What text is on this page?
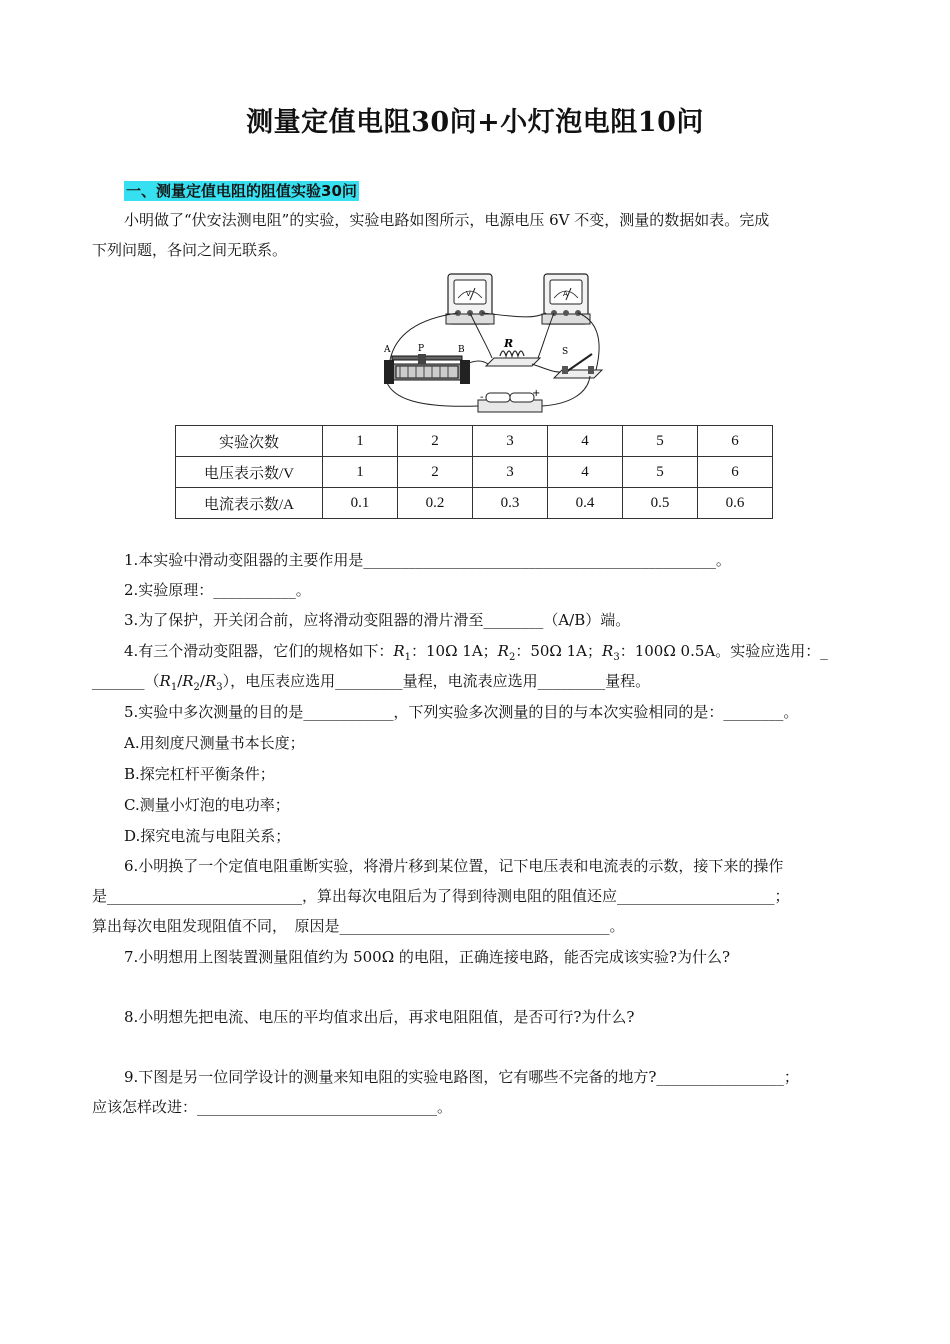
测量定值电阻30问+小灯泡电阻10问
一、测量定值电阻的阻值实验30问
小明做了“伏安法测电阻”的实验，实验电路如图所示，电源电压 6V 不变，测量的数据如表。完成
下列问题，各问之间无联系。
V	A
A	P	B	R
S
-	+
实验次数	1	2	3	4	5	6
电压表示数/V	1	2	3	4	5	6
电流表示数/A	0.1	0.2	0.3	0.4	0.5	0.6
1.本实验中滑动变阻器的主要作用是_______________________________________________。
2.实验原理：___________。
3.为了保护，开关闭合前，应将滑动变阻器的滑片滑至________（A/B）端。
4.有三个滑动变阻器，它们的规格如下：$R_1$：10Ω 1A；$R_2$：50Ω 1A；$R_3$：100Ω 0.5A。实验应选用：_
$\_\_\_\_\_\_\_(R_1/R_2/R_3)$，电压表应选用_________量程，电流表应选用_________量程。
5.实验中多次测量的目的是____________，下列实验多次测量的目的与本次实验相同的是：________。
A.用刻度尺测量书本长度；
B.探完杠杆平衡条件；
C.测量小灯泡的电功率；
D.探究电流与电阻关系；
6.小明换了一个定值电阻重断实验，将滑片移到某位置，记下电压表和电流表的示数，接下来的操作
是__________________________，算出每次电阻后为了得到待测电阻的阻值还应_____________________；
算出每次电阻发现阻值不同，　原因是____________________________________。
7.小明想用上图装置测量阻值约为 500Ω 的电阻，正确连接电路，能否完成该实验?为什么?
8.小明想先把电流、电压的平均值求出后，再求电阻阻值，是否可行?为什么?
9.下图是另一位同学设计的测量来知电阻的实验电路图，它有哪些不完备的地方?_________________；
应该怎样改进：________________________________。
